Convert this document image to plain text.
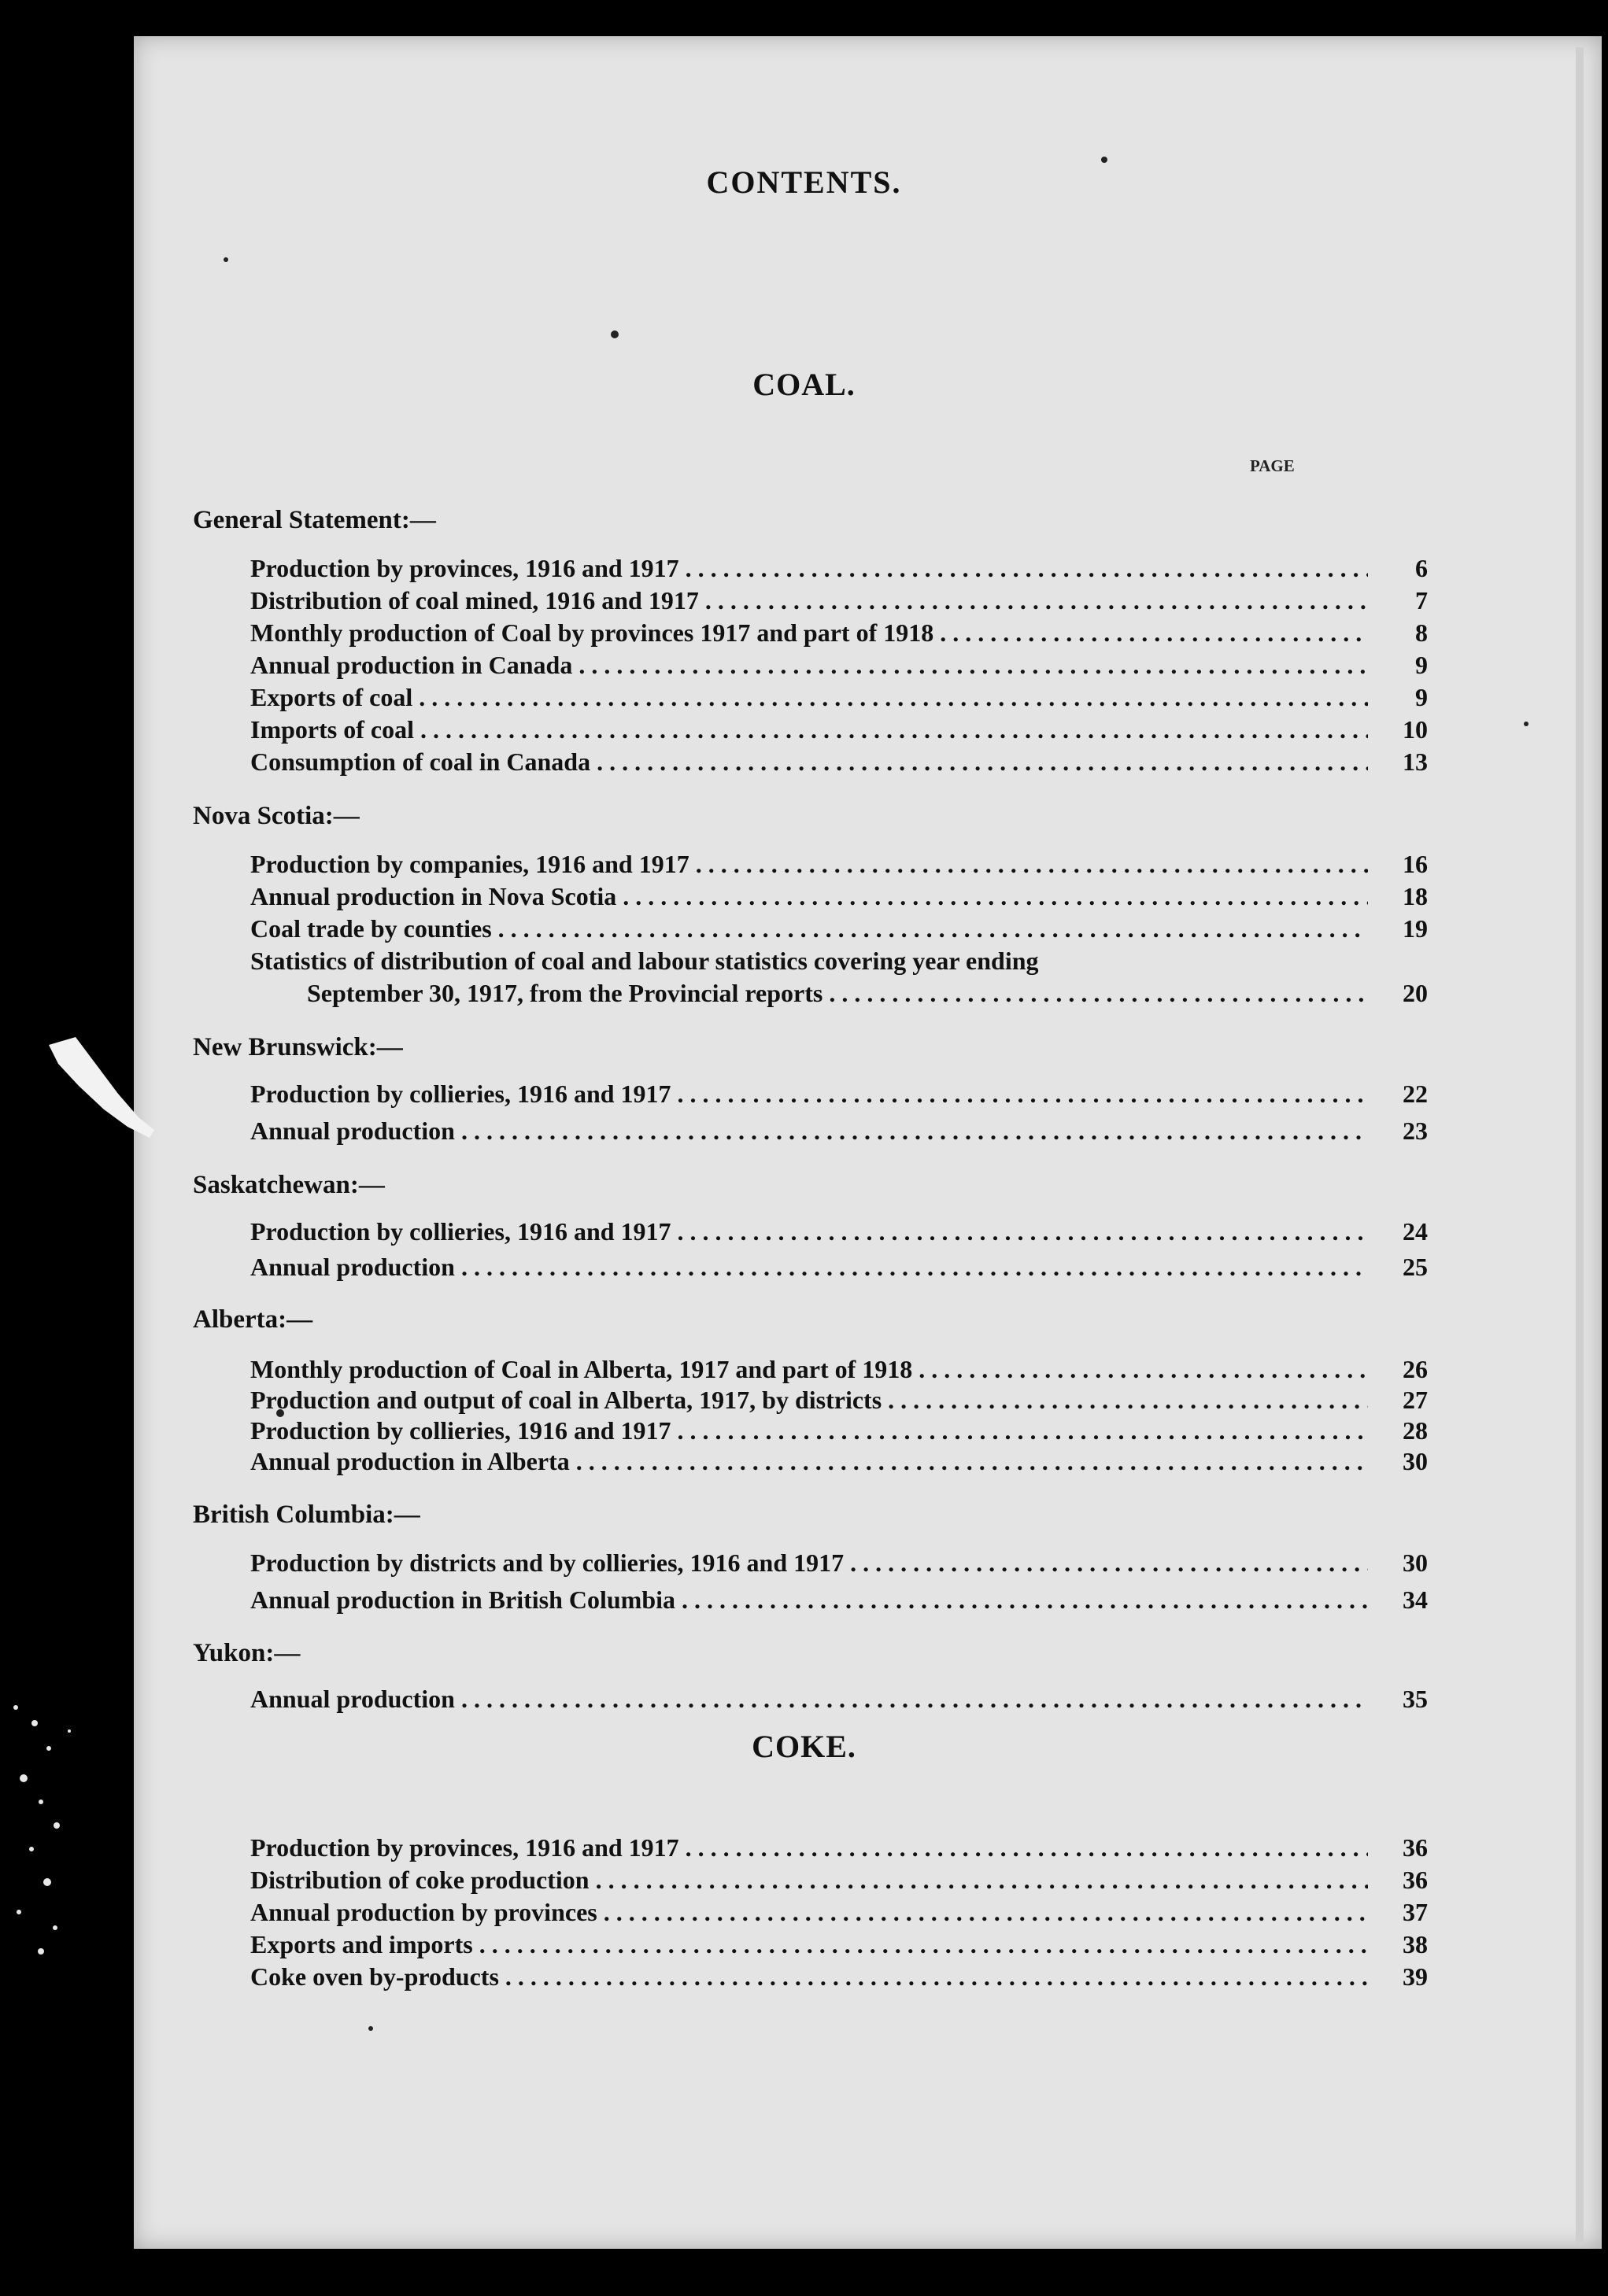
CONTENTS.
COAL.
PAGE
General Statement:—
Production by provinces, 1916 and 1917 . . .	6
Distribution of coal mined, 1916 and 1917 . . .	7
Monthly production of Coal by provinces 1917 and part of 1918 . . .	8
Annual production in Canada . . .	9
Exports of coal . . .	9
Imports of coal . . .	10
Consumption of coal in Canada . . .	13
Nova Scotia:—
Production by companies, 1916 and 1917 . . .	16
Annual production in Nova Scotia . . .	18
Coal trade by counties . . .	19
Statistics of distribution of coal and labour statistics covering year ending
September 30, 1917, from the Provincial reports . . .	20
New Brunswick:—
Production by collieries, 1916 and 1917 . . .	22
Annual production . . .	23
Saskatchewan:—
Production by collieries, 1916 and 1917 . . .	24
Annual production . . .	25
Alberta:—
Monthly production of Coal in Alberta, 1917 and part of 1918 . . .	26
Production and output of coal in Alberta, 1917, by districts . . .	27
Production by collieries, 1916 and 1917 . . .	28
Annual production in Alberta . . .	30
British Columbia:—
Production by districts and by collieries, 1916 and 1917 . . .	30
Annual production in British Columbia . . .	34
Yukon:—
Annual production . . .	35
COKE.
Production by provinces, 1916 and 1917 . . .	36
Distribution of coke production . . .	36
Annual production by provinces . . .	37
Exports and imports . . .	38
Coke oven by-products . . .	39
